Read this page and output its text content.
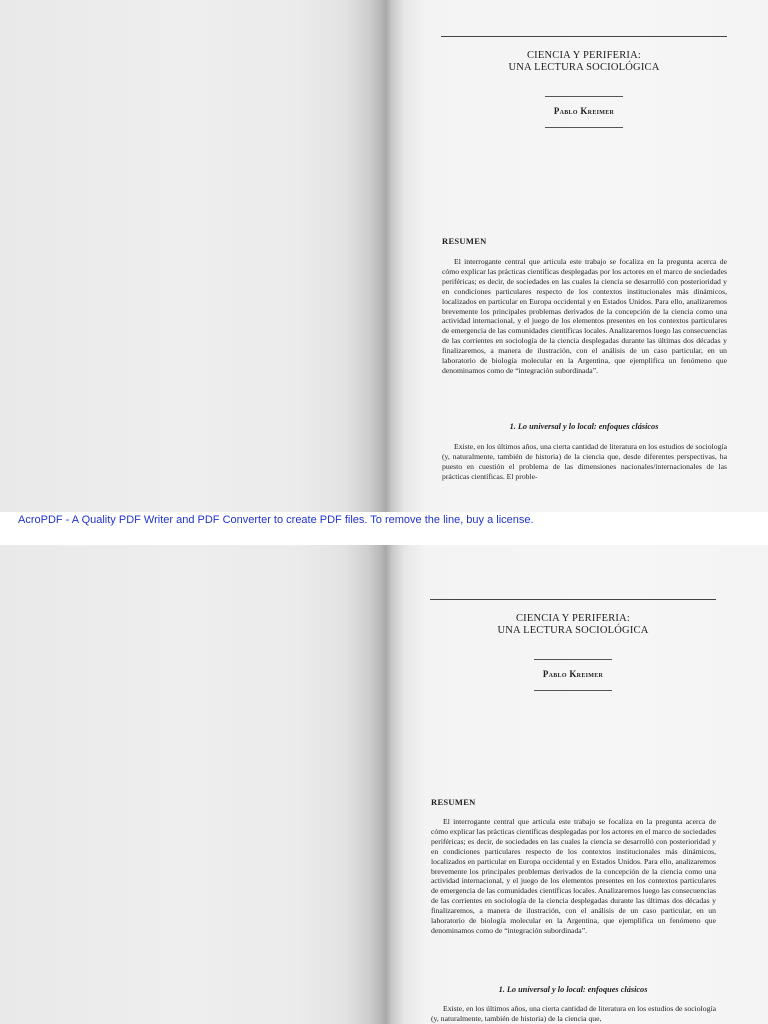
CIENCIA Y PERIFERIA:
UNA LECTURA SOCIOLÓGICA
Pablo Kreimer
RESUMEN

El interrogante central que articula este trabajo se focaliza en la pregunta acerca de cómo explicar las prácticas científicas desplegadas por los actores en el marco de sociedades periféricas; es decir, de sociedades en las cuales la ciencia se desarrolló con posterioridad y en condiciones particulares respecto de los contextos institucionales más dinámicos, localizados en particular en Europa occidental y en Estados Unidos. Para ello, analizaremos brevemente los principales problemas derivados de la concepción de la ciencia como una actividad internacional, y el juego de los elementos presentes en los contextos particulares de emergencia de las comunidades científicas locales. Analizaremos luego las consecuencias de las corrientes en sociología de la ciencia desplegadas durante las últimas dos décadas y finalizaremos, a manera de ilustración, con el análisis de un caso particular, en un laboratorio de biología molecular en la Argentina, que ejemplifica un fenómeno que denominamos como de “integración subordinada”.

1. Lo universal y lo local: enfoques clásicos

Existe, en los últimos años, una cierta cantidad de literatura en los estudios de sociología (y, naturalmente, también de historia) de la ciencia que, desde diferentes perspectivas, ha puesto en cuestión el problema de las dimensiones nacionales/internacionales de las prácticas científicas. El proble-

AcroPDF - A Quality PDF Writer and PDF Converter to create PDF files. To remove the line, buy a license.
CIENCIA Y PERIFERIA:
UNA LECTURA SOCIOLÓGICA
Pablo Kreimer
RESUMEN

El interrogante central que articula este trabajo se focaliza en la pregunta acerca de cómo explicar las prácticas científicas desplegadas por los actores en el marco de sociedades periféricas; es decir, de sociedades en las cuales la ciencia se desarrolló con posterioridad y en condiciones particulares respecto de los contextos institucionales más dinámicos, localizados en particular en Europa occidental y en Estados Unidos. Para ello, analizaremos brevemente los principales problemas derivados de la concepción de la ciencia como una actividad internacional, y el juego de los elementos presentes en los contextos particulares de emergencia de las comunidades científicas locales. Analizaremos luego las consecuencias de las corrientes en sociología de la ciencia desplegadas durante las últimas dos décadas y finalizaremos, a manera de ilustración, con el análisis de un caso particular, en un laboratorio de biología molecular en la Argentina, que ejemplifica un fenómeno que denominamos como de “integración subordinada”.

1. Lo universal y lo local: enfoques clásicos

Existe, en los últimos años, una cierta cantidad de literatura en los estudios de sociología (y, naturalmente, también de historia) de la ciencia que,
